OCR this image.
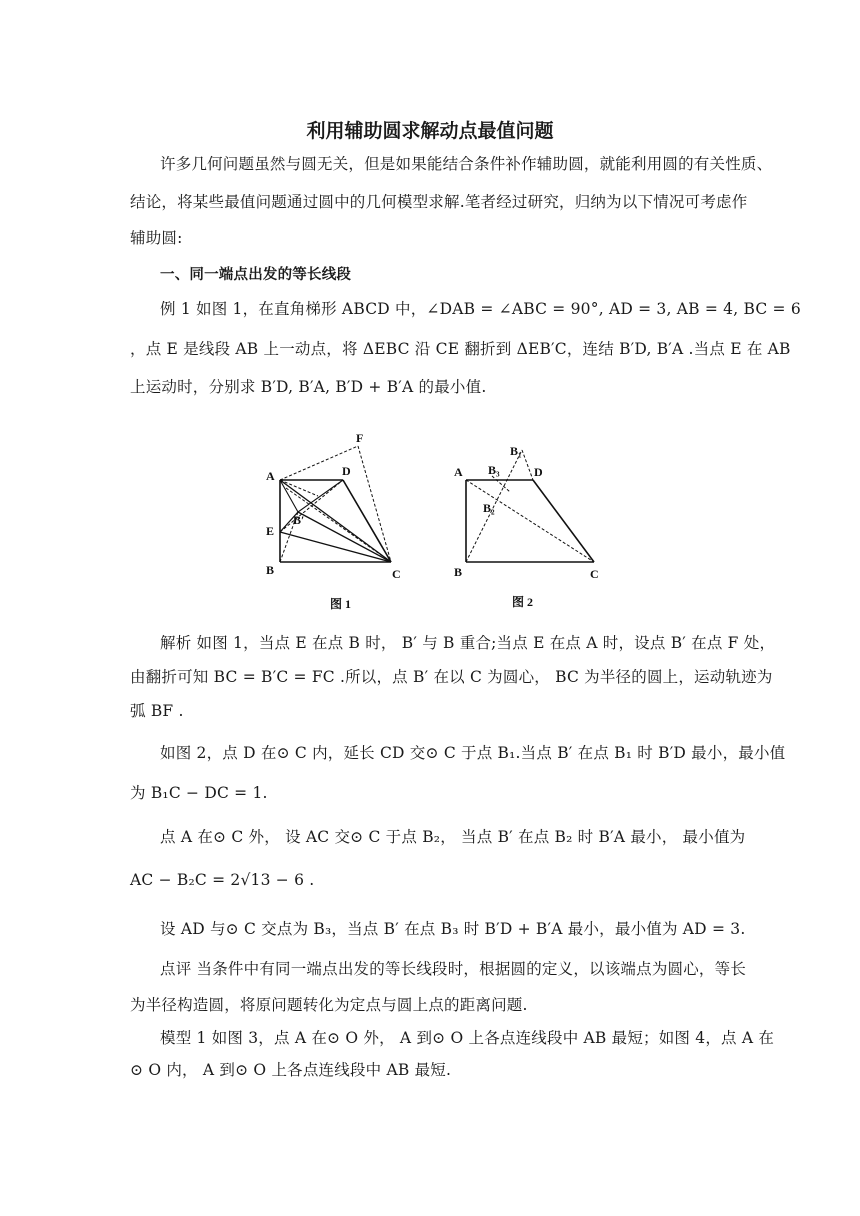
利用辅助圆求解动点最值问题
许多几何问题虽然与圆无关，但是如果能结合条件补作辅助圆，就能利用圆的有关性质、
结论，将某些最值问题通过圆中的几何模型求解.笔者经过研究，归纳为以下情况可考虑作
辅助圆:
一、同一端点出发的等长线段
例 1 如图 1，在直角梯形 ABCD 中，∠DAB = ∠ABC = 90°, AD = 3, AB = 4, BC = 6
，点 E 是线段 AB 上一动点，将 ΔEBC 沿 CE 翻折到 ΔEB′C，连结 B′D, B′A .当点 E 在 AB
上运动时，分别求 B′D, B′A, B′D + B′A 的最小值.
A
B	C
D
E
F
B′
图 1
A
B	C
D
B₁
B₂
B₃
图 2
解析 如图 1，当点 E 在点 B 时， B′ 与 B 重合;当点 E 在点 A 时，设点 B′ 在点 F 处，
由翻折可知 BC = B′C = FC .所以，点 B′ 在以 C 为圆心， BC 为半径的圆上，运动轨迹为
弧 BF .
如图 2，点 D 在⊙ C 内，延长 CD 交⊙ C 于点 B₁.当点 B′ 在点 B₁ 时 B′D 最小，最小值
为 B₁C − DC = 1.
点 A 在⊙ C 外， 设 AC 交⊙ C 于点 B₂， 当点 B′ 在点 B₂ 时 B′A 最小， 最小值为
AC − B₂C = 2√13 − 6 .
设 AD 与⊙ C 交点为 B₃，当点 B′ 在点 B₃ 时 B′D + B′A 最小，最小值为 AD = 3.
点评 当条件中有同一端点出发的等长线段时，根据圆的定义，以该端点为圆心，等长
为半径构造圆，将原问题转化为定点与圆上点的距离问题.
模型 1 如图 3，点 A 在⊙ O 外， A 到⊙ O 上各点连线段中 AB 最短；如图 4，点 A 在
⊙ O 内， A 到⊙ O 上各点连线段中 AB 最短.
